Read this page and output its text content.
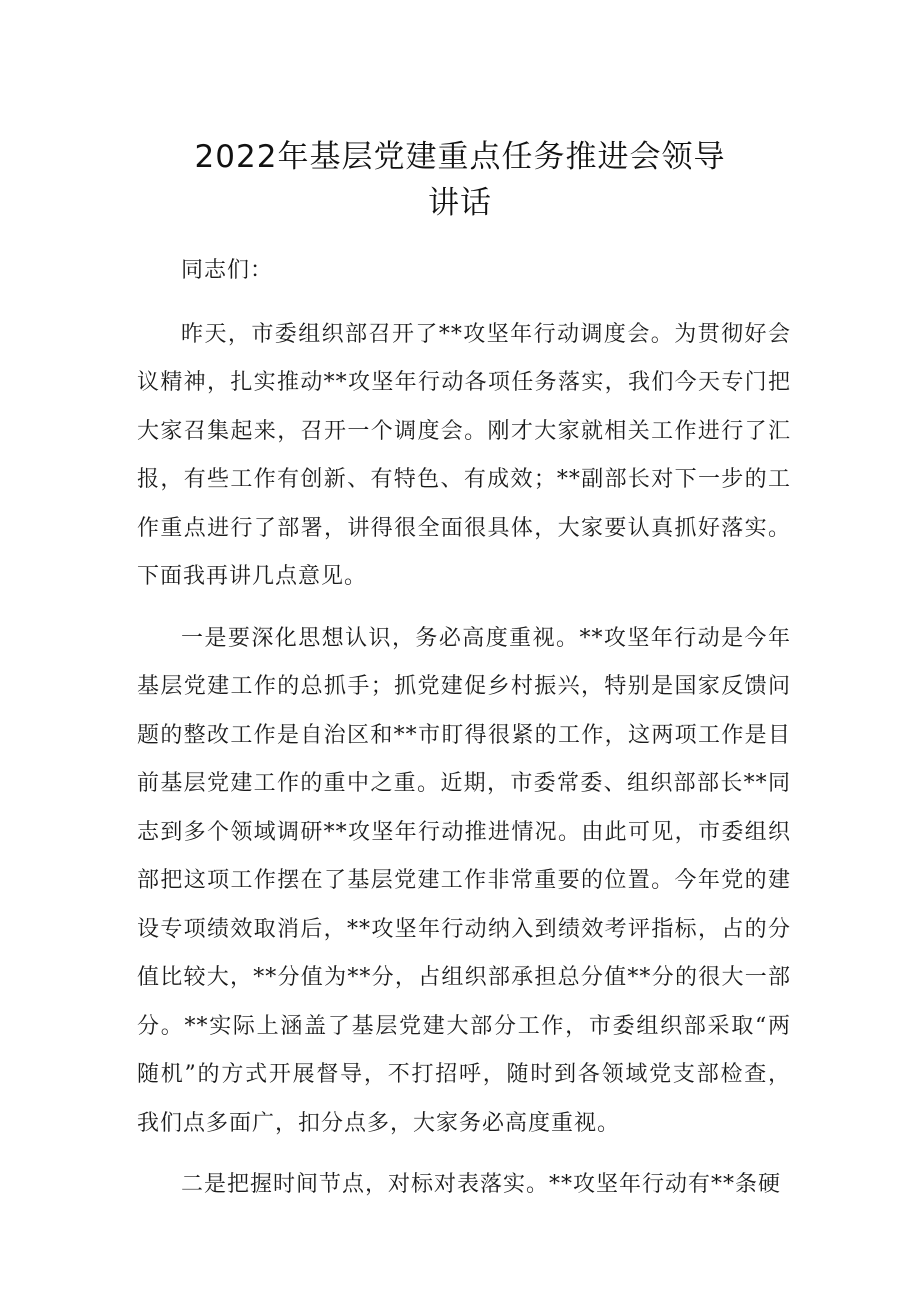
2022年基层党建重点任务推进会领导
讲话

同志们：

昨天，市委组织部召开了**攻坚年行动调度会。为贯彻好会议精神，扎实推动**攻坚年行动各项任务落实，我们今天专门把大家召集起来，召开一个调度会。刚才大家就相关工作进行了汇报，有些工作有创新、有特色、有成效；**副部长对下一步的工作重点进行了部署，讲得很全面很具体，大家要认真抓好落实。下面我再讲几点意见。

一是要深化思想认识，务必高度重视。**攻坚年行动是今年基层党建工作的总抓手；抓党建促乡村振兴，特别是国家反馈问题的整改工作是自治区和**市盯得很紧的工作，这两项工作是目前基层党建工作的重中之重。近期，市委常委、组织部部长**同志到多个领域调研**攻坚年行动推进情况。由此可见，市委组织部把这项工作摆在了基层党建工作非常重要的位置。今年党的建设专项绩效取消后，**攻坚年行动纳入到绩效考评指标，占的分值比较大，**分值为**分，占组织部承担总分值**分的很大一部分。**实际上涵盖了基层党建大部分工作，市委组织部采取“两随机”的方式开展督导，不打招呼，随时到各领域党支部检查，我们点多面广，扣分点多，大家务必高度重视。

二是把握时间节点，对标对表落实。**攻坚年行动有**条硬
